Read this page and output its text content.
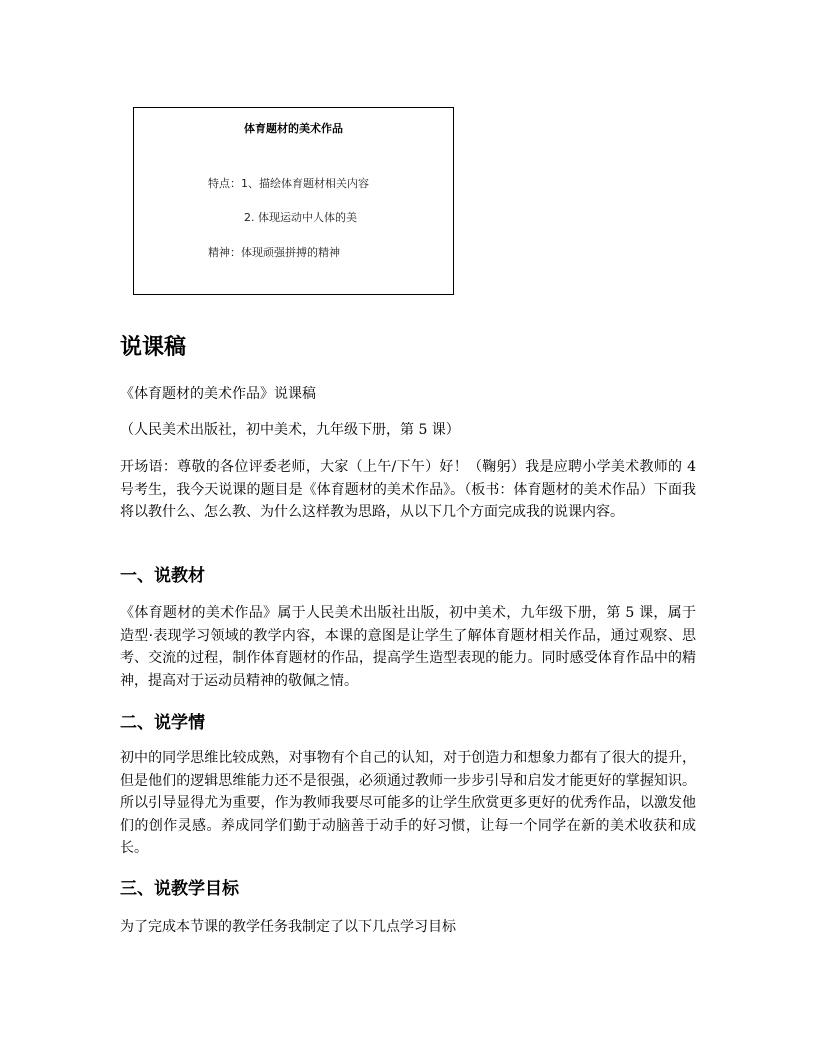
体育题材的美术作品
特点：1、描绘体育题材相关内容
2. 体现运动中人体的美
精神：体现顽强拼搏的精神
说课稿
《体育题材的美术作品》说课稿
（人民美术出版社，初中美术，九年级下册，第 5 课）
开场语：尊敬的各位评委老师，大家（上午/下午）好！（鞠躬）我是应聘小学美术教师的 4 号考生，我今天说课的题目是《体育题材的美术作品》。（板书：体育题材的美术作品）下面我将以教什么、怎么教、为什么这样教为思路，从以下几个方面完成我的说课内容。
一、说教材
《体育题材的美术作品》属于人民美术出版社出版，初中美术，九年级下册，第 5 课，属于造型·表现学习领域的教学内容，本课的意图是让学生了解体育题材相关作品，通过观察、思考、交流的过程，制作体育题材的作品，提高学生造型表现的能力。同时感受体育作品中的精神，提高对于运动员精神的敬佩之情。
二、说学情
初中的同学思维比较成熟，对事物有个自己的认知，对于创造力和想象力都有了很大的提升，但是他们的逻辑思维能力还不是很强，必须通过教师一步步引导和启发才能更好的掌握知识。所以引导显得尤为重要，作为教师我要尽可能多的让学生欣赏更多更好的优秀作品，以激发他们的创作灵感。养成同学们勤于动脑善于动手的好习惯，让每一个同学在新的美术收获和成长。
三、说教学目标
为了完成本节课的教学任务我制定了以下几点学习目标
